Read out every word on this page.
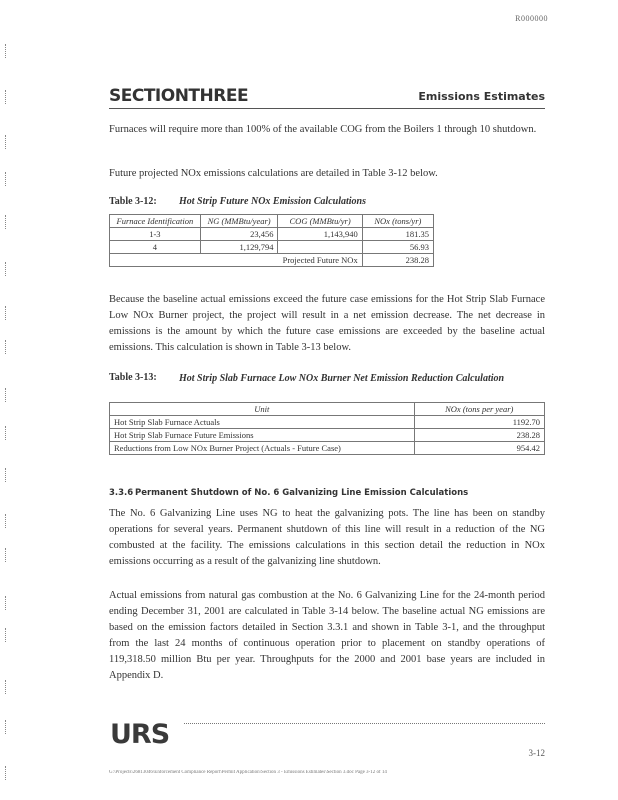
R000000
SECTIONTHREE	Emissions Estimates
Furnaces will require more than 100% of the available COG from the Boilers 1 through 10 shutdown.
Future projected NOx emissions calculations are detailed in Table 3-12 below.
Table 3-12: Hot Strip Future NOx Emission Calculations
Furnace Identification	NG (MMBtu/year)	COG (MMBtu/yr)	NOx (tons/yr)
1-3	23,456	1,143,940	181.35
4	1,129,794		56.93
Projected Future NOx			238.28
Because the baseline actual emissions exceed the future case emissions for the Hot Strip Slab Furnace Low NOx Burner project, the project will result in a net emission decrease. The net decrease in emissions is the amount by which the future case emissions are exceeded by the baseline actual emissions. This calculation is shown in Table 3-13 below.
Table 3-13: Hot Strip Slab Furnace Low NOx Burner Net Emission Reduction Calculation
Unit	NOx (tons per year)
Hot Strip Slab Furnace Actuals	1192.70
Hot Strip Slab Furnace Future Emissions	238.28
Reductions from Low NOx Burner Project (Actuals - Future Case)	954.42
3.3.6 Permanent Shutdown of No. 6 Galvanizing Line Emission Calculations
The No. 6 Galvanizing Line uses NG to heat the galvanizing pots. The line has been on standby operations for several years. Permanent shutdown of this line will result in a reduction of the NG combusted at the facility. The emissions calculations in this section detail the reduction in NOx emissions occurring as a result of the galvanizing line shutdown.
Actual emissions from natural gas combustion at the No. 6 Galvanizing Line for the 24-month period ending December 31, 2001 are calculated in Table 3-14 below. The baseline actual NG emissions are based on the emission factors detailed in Section 3.3.1 and shown in Table 3-1, and the throughput from the last 24 months of continuous operation prior to placement on standby operations of 119,318.50 million Btu per year. Throughputs for the 2000 and 2001 base years are included in Appendix D.
URS
3-12
G:\Projects\26813046\Enforcement Compliance Report\Permit Application\Section 3 - Emissions Estimates\Section 3.doc Page 3-12 of 14
